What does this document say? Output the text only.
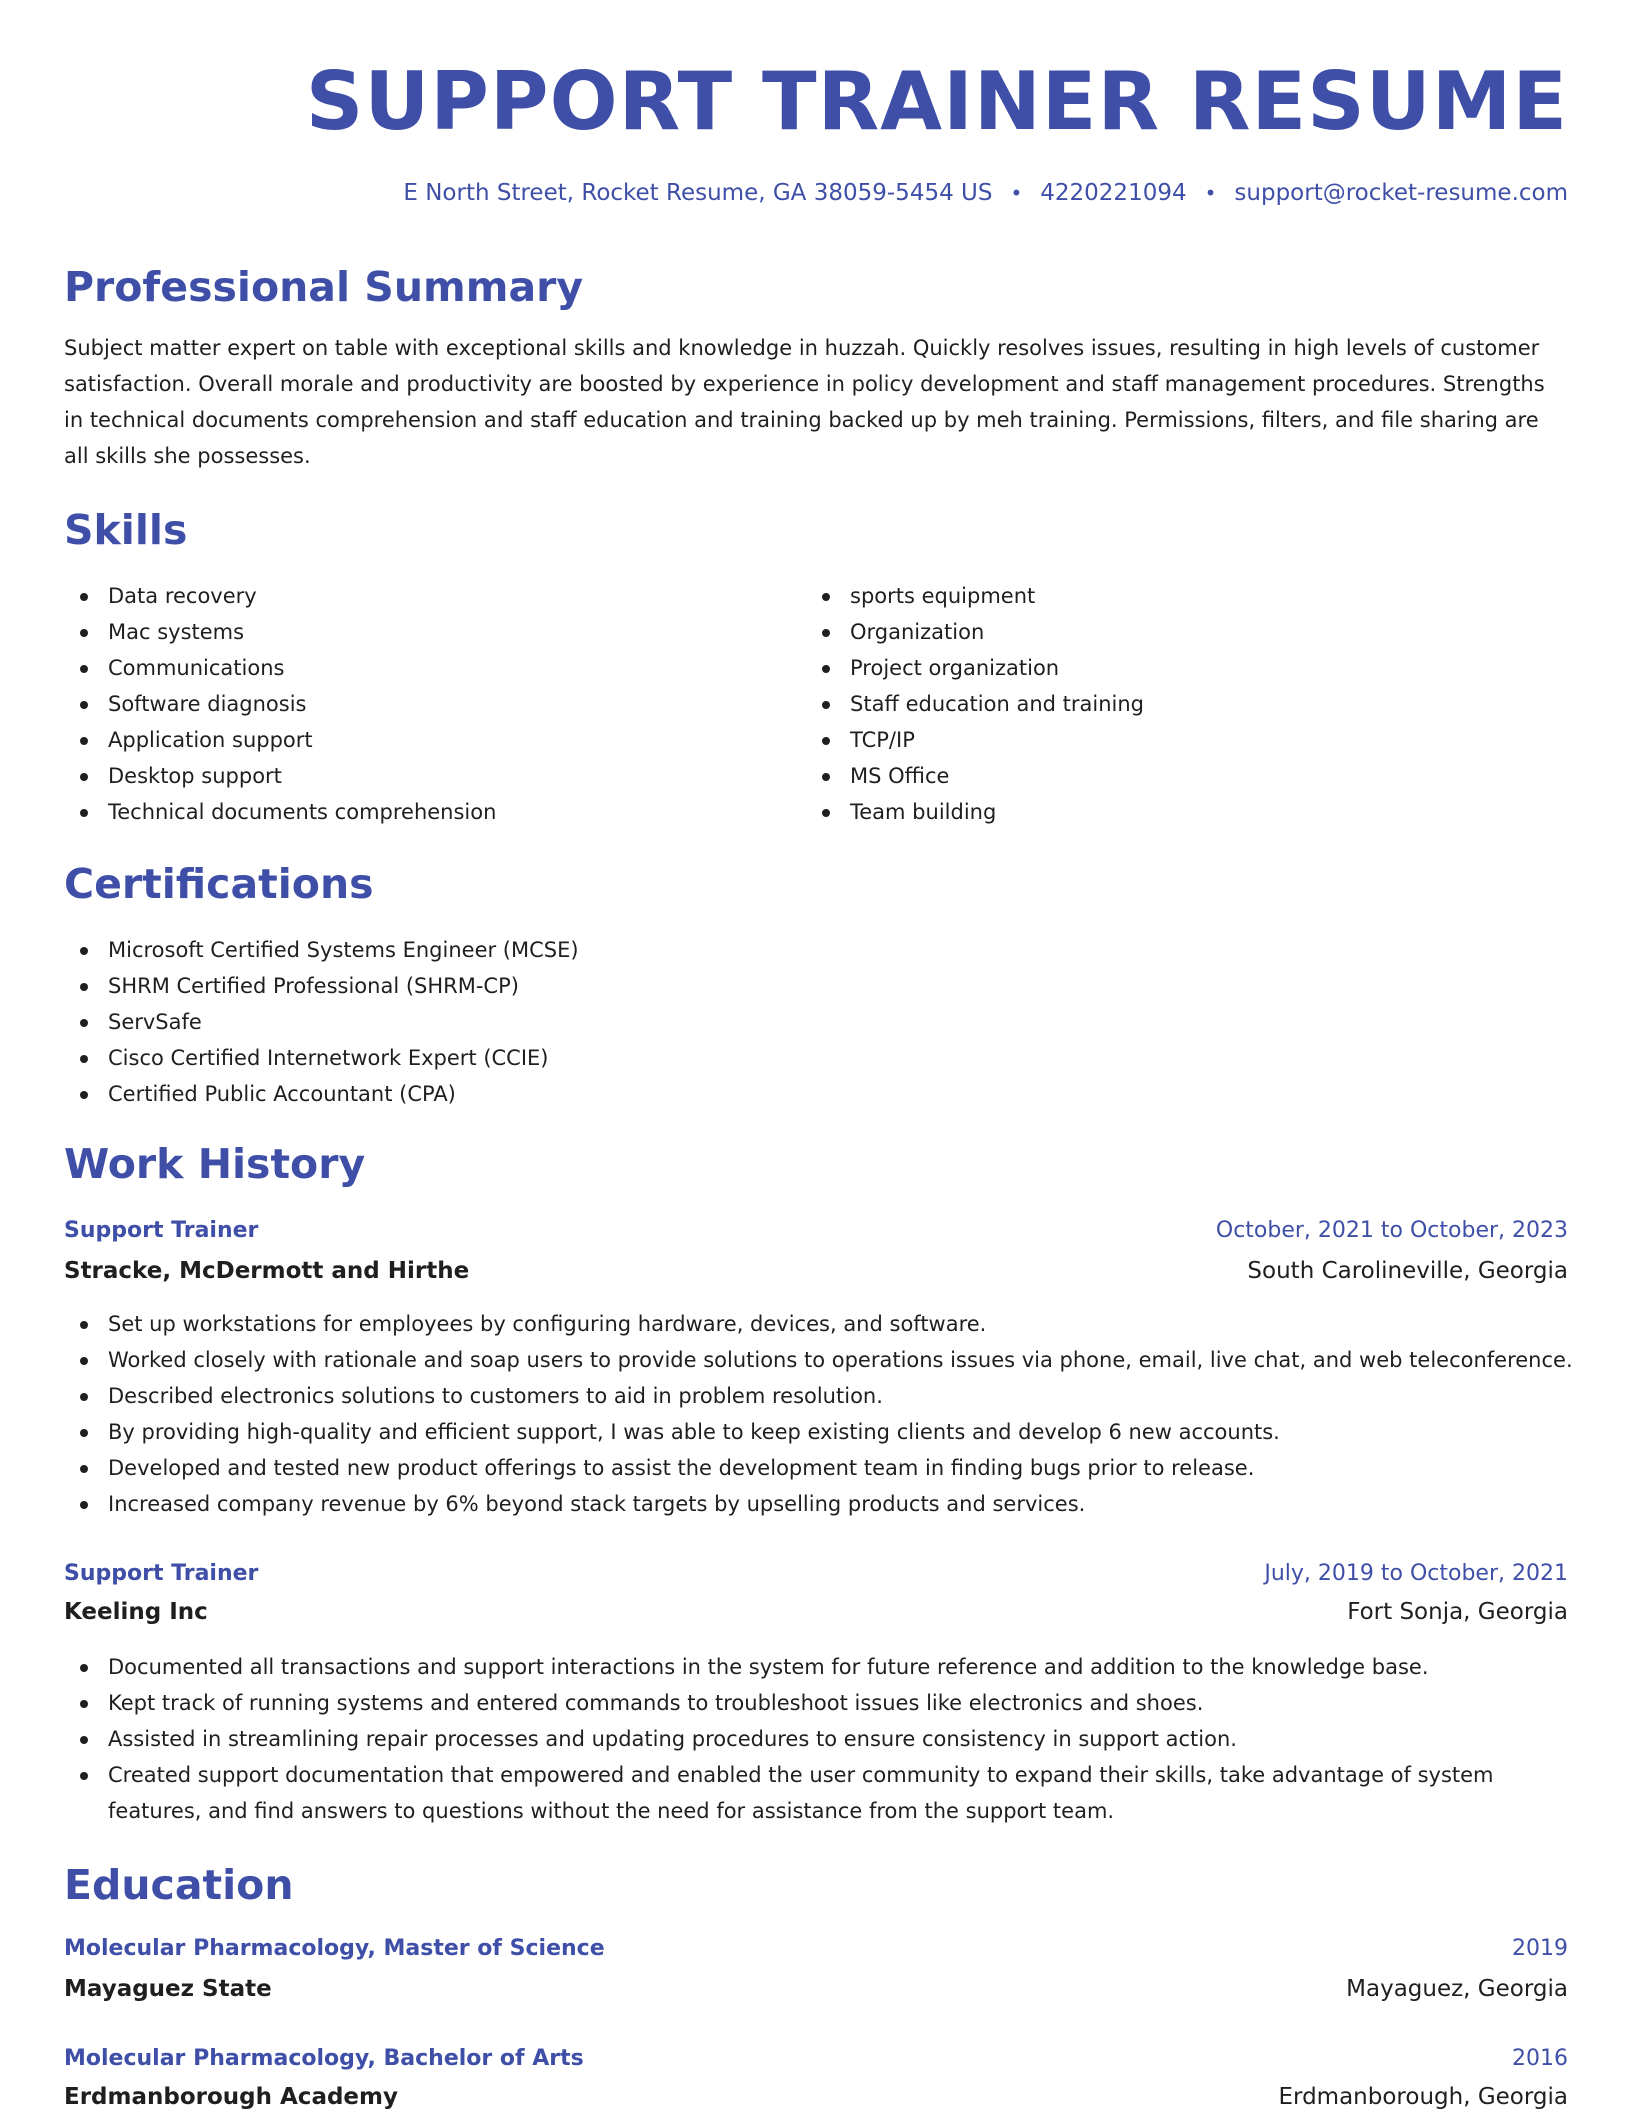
SUPPORT TRAINER RESUME
E North Street, Rocket Resume, GA 38059-5454 US • 4220221094 • support@rocket-resume.com
Professional Summary

Subject matter expert on table with exceptional skills and knowledge in huzzah. Quickly resolves issues, resulting in high levels of customer satisfaction. Overall morale and productivity are boosted by experience in policy development and staff management procedures. Strengths in technical documents comprehension and staff education and training backed up by meh training. Permissions, filters, and file sharing are all skills she possesses.

Skills
Data recovery
Mac systems
Communications
Software diagnosis
Application support
Desktop support
Technical documents comprehension
sports equipment
Organization
Project organization
Staff education and training
TCP/IP
MS Office
Team building
Certifications
Microsoft Certified Systems Engineer (MCSE)
SHRM Certified Professional (SHRM-CP)
ServSafe
Cisco Certified Internetwork Expert (CCIE)
Certified Public Accountant (CPA)
Work History
Support Trainer	October, 2021 to October, 2023
Stracke, McDermott and Hirthe	South Carolineville, Georgia
Set up workstations for employees by configuring hardware, devices, and software.
Worked closely with rationale and soap users to provide solutions to operations issues via phone, email, live chat, and web teleconference.
Described electronics solutions to customers to aid in problem resolution.
By providing high-quality and efficient support, I was able to keep existing clients and develop 6 new accounts.
Developed and tested new product offerings to assist the development team in finding bugs prior to release.
Increased company revenue by 6% beyond stack targets by upselling products and services.
Support Trainer	July, 2019 to October, 2021
Keeling Inc	Fort Sonja, Georgia
Documented all transactions and support interactions in the system for future reference and addition to the knowledge base.
Kept track of running systems and entered commands to troubleshoot issues like electronics and shoes.
Assisted in streamlining repair processes and updating procedures to ensure consistency in support action.
Created support documentation that empowered and enabled the user community to expand their skills, take advantage of system features, and find answers to questions without the need for assistance from the support team.
Education
Molecular Pharmacology, Master of Science	2019
Mayaguez State	Mayaguez, Georgia
Molecular Pharmacology, Bachelor of Arts	2016
Erdmanborough Academy	Erdmanborough, Georgia
